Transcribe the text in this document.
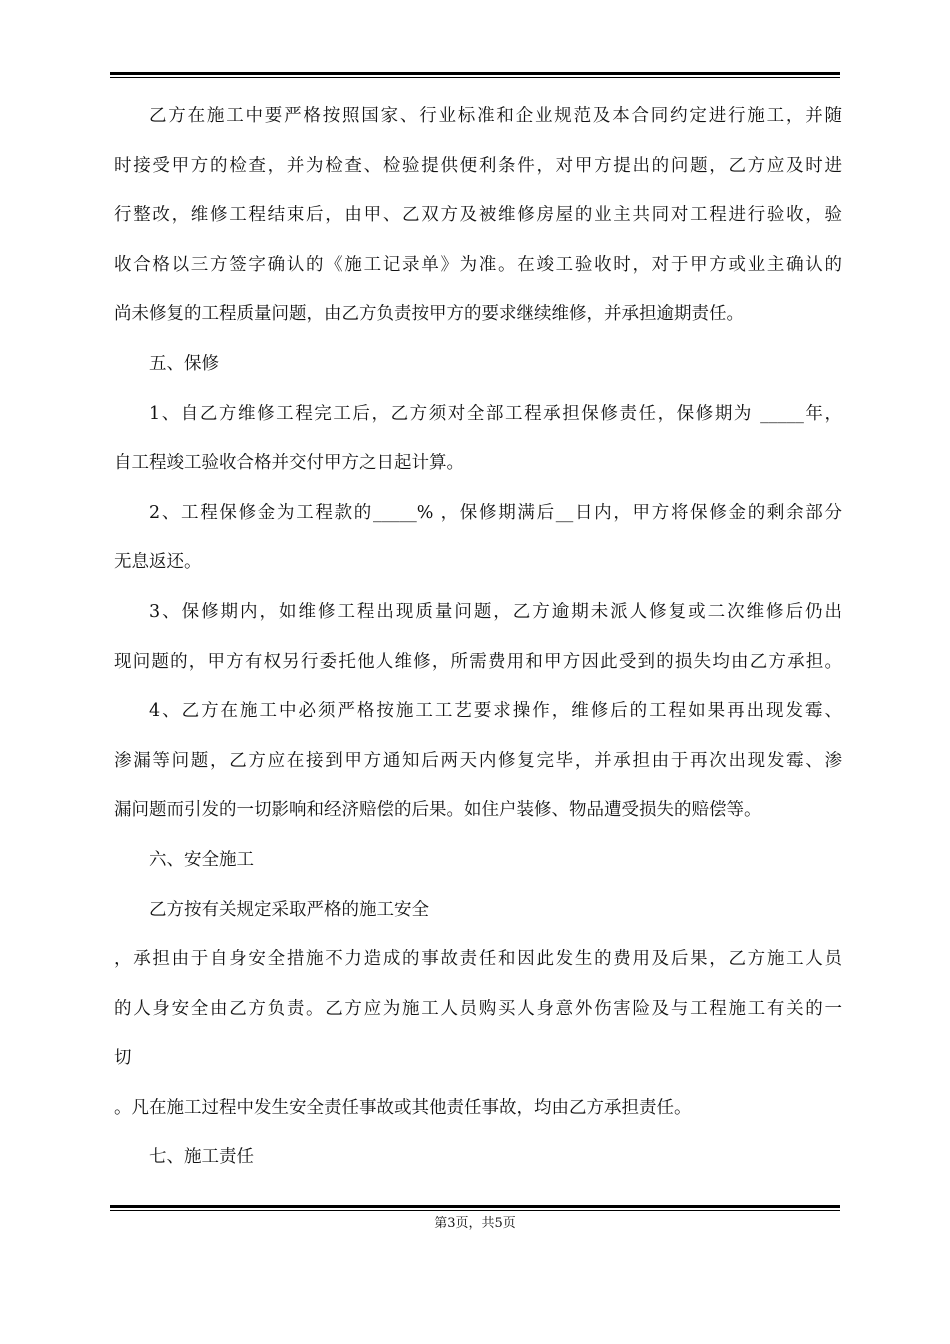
乙方在施工中要严格按照国家、行业标准和企业规范及本合同约定进行施工，并随
时接受甲方的检查，并为检查、检验提供便利条件，对甲方提出的问题，乙方应及时进
行整改，维修工程结束后，由甲、乙双方及被维修房屋的业主共同对工程进行验收，验
收合格以三方签字确认的《施工记录单》为准。在竣工验收时，对于甲方或业主确认的
尚未修复的工程质量问题，由乙方负责按甲方的要求继续维修，并承担逾期责任。
五、保修
1、自乙方维修工程完工后，乙方须对全部工程承担保修责任，保修期为 _____年，
自工程竣工验收合格并交付甲方之日起计算。
2、工程保修金为工程款的_____% ，保修期满后__日内，甲方将保修金的剩余部分
无息返还。
3、保修期内，如维修工程出现质量问题，乙方逾期未派人修复或二次维修后仍出
现问题的，甲方有权另行委托他人维修，所需费用和甲方因此受到的损失均由乙方承担。
4、乙方在施工中必须严格按施工工艺要求操作，维修后的工程如果再出现发霉、
渗漏等问题，乙方应在接到甲方通知后两天内修复完毕，并承担由于再次出现发霉、渗
漏问题而引发的一切影响和经济赔偿的后果。如住户装修、物品遭受损失的赔偿等。
六、安全施工
乙方按有关规定采取严格的施工安全
，承担由于自身安全措施不力造成的事故责任和因此发生的费用及后果，乙方施工人员
的人身安全由乙方负责。乙方应为施工人员购买人身意外伤害险及与工程施工有关的一
切
。凡在施工过程中发生安全责任事故或其他责任事故，均由乙方承担责任。
七、施工责任
第3页，共5页
